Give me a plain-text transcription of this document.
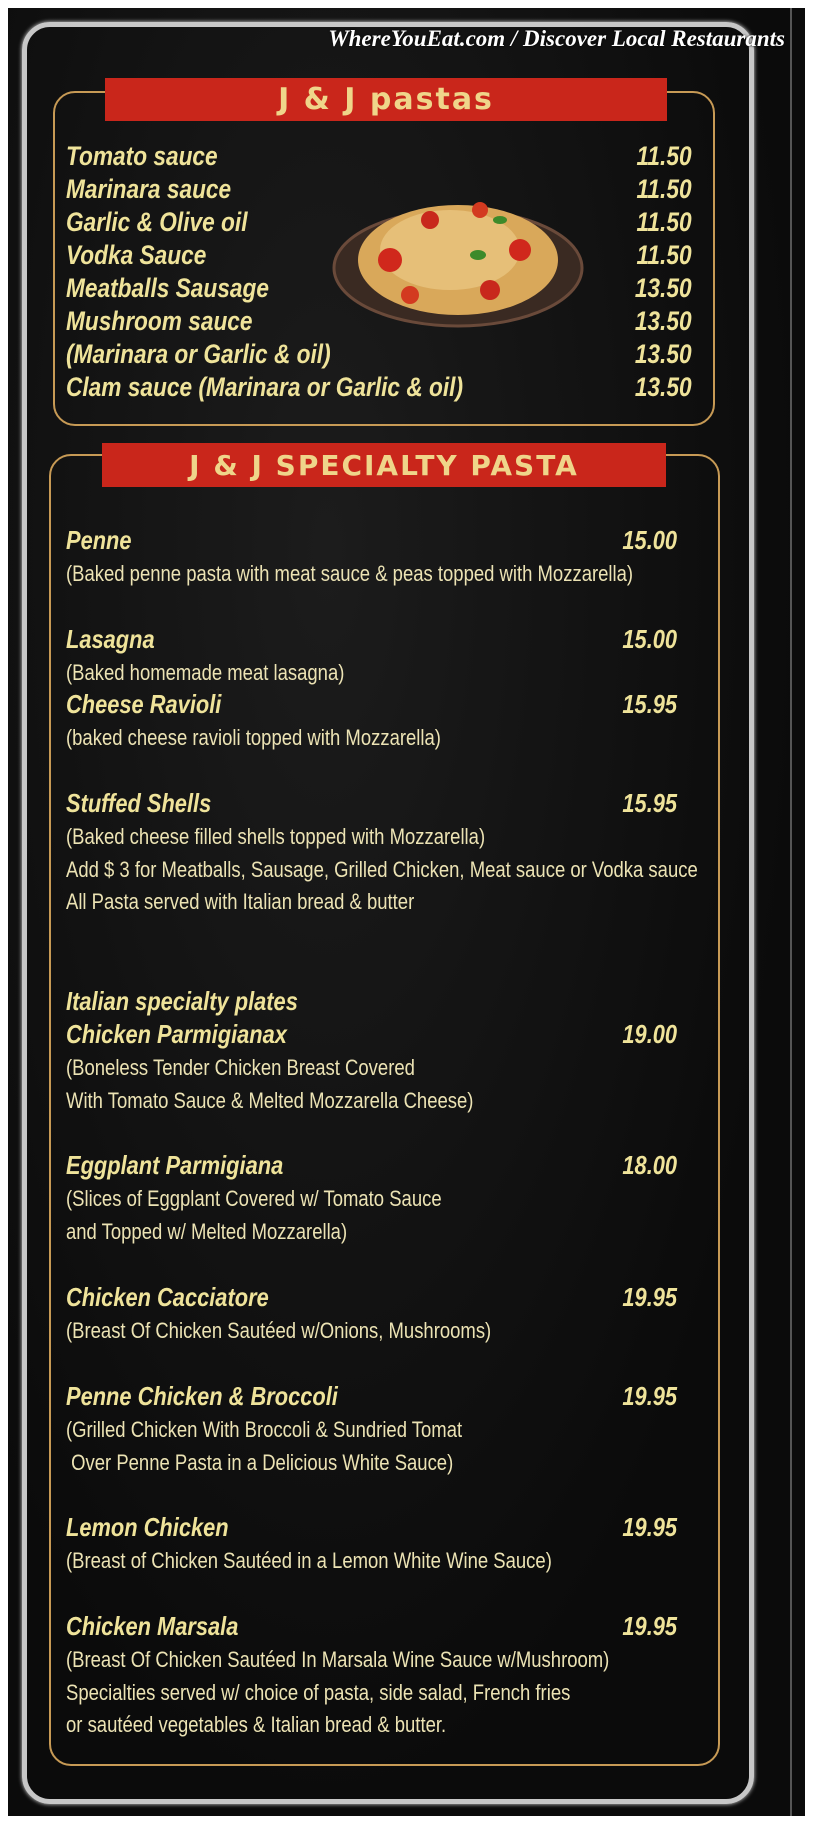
WhereYouEat.com / Discover Local Restaurants
J & J pastas
Tomato sauce	11.50
Marinara sauce	11.50
Garlic & Olive oil	11.50
Vodka Sauce	11.50
Meatballs Sausage	13.50
Mushroom sauce	13.50
(Marinara or Garlic & oil)	13.50
Clam sauce (Marinara or Garlic & oil)	13.50
J & J SPECIALTY PASTA
Penne	15.00
(Baked penne pasta with meat sauce & peas topped with Mozzarella)
Lasagna	15.00
(Baked homemade meat lasagna)
Cheese Ravioli	15.95
(baked cheese ravioli topped with Mozzarella)
Stuffed Shells	15.95
(Baked cheese filled shells topped with Mozzarella)
Add $ 3 for Meatballs, Sausage, Grilled Chicken, Meat sauce or Vodka sauce
All Pasta served with Italian bread & butter
Italian specialty plates
Chicken Parmigianax	19.00
(Boneless Tender Chicken Breast Covered
With Tomato Sauce & Melted Mozzarella Cheese)
Eggplant Parmigiana	18.00
(Slices of Eggplant Covered w/ Tomato Sauce
and Topped w/ Melted Mozzarella)
Chicken Cacciatore	19.95
(Breast Of Chicken Sautéed w/Onions, Mushrooms)
Penne Chicken & Broccoli	19.95
(Grilled Chicken With Broccoli & Sundried Tomat
Over Penne Pasta in a Delicious White Sauce)
Lemon Chicken	19.95
(Breast of Chicken Sautéed in a Lemon White Wine Sauce)
Chicken Marsala	19.95
(Breast Of Chicken Sautéed In Marsala Wine Sauce w/Mushroom)
Specialties served w/ choice of pasta, side salad, French fries
or sautéed vegetables & Italian bread & butter.
